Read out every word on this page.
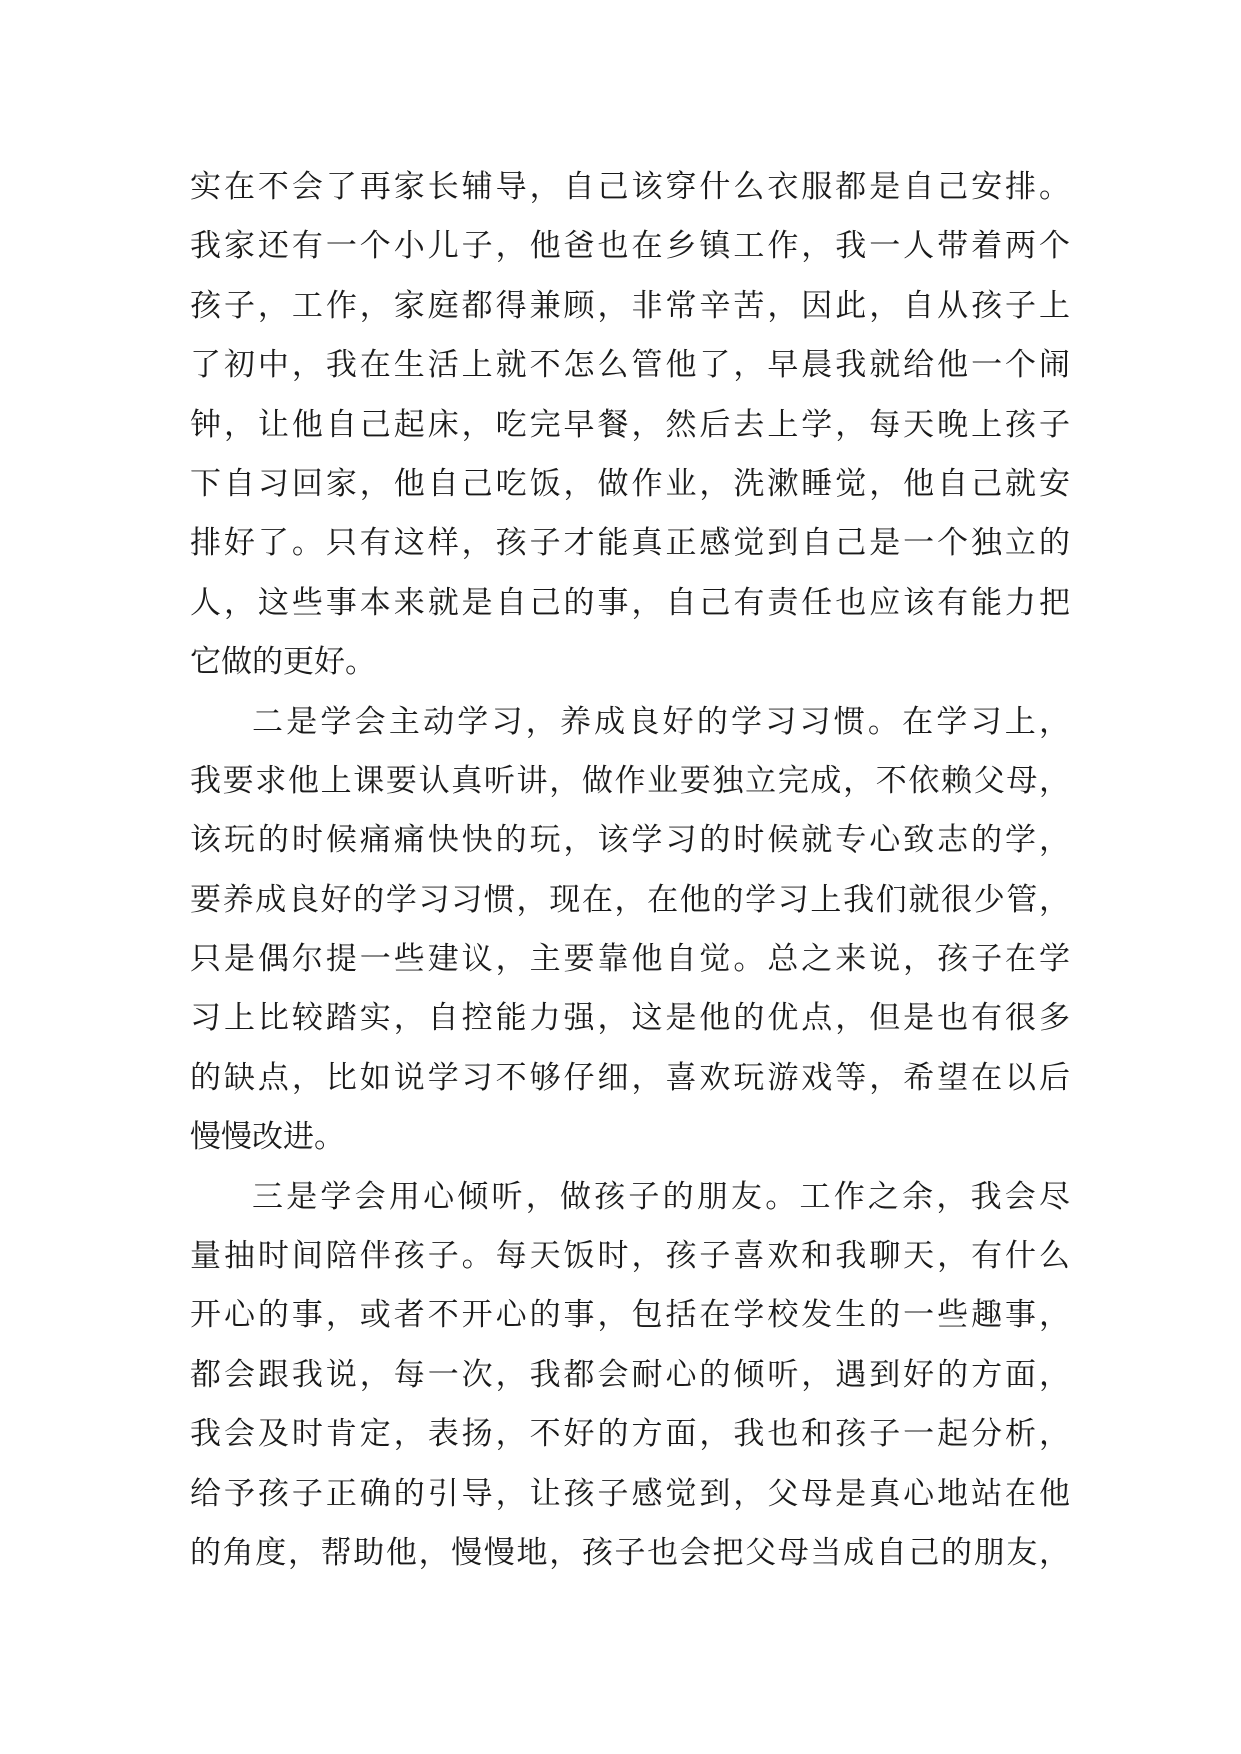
实在不会了再家长辅导，自己该穿什么衣服都是自己安排。
我家还有一个小儿子，他爸也在乡镇工作，我一人带着两个
孩子，工作，家庭都得兼顾，非常辛苦，因此，自从孩子上
了初中，我在生活上就不怎么管他了，早晨我就给他一个闹
钟，让他自己起床，吃完早餐，然后去上学，每天晚上孩子
下自习回家，他自己吃饭，做作业，洗漱睡觉，他自己就安
排好了。只有这样，孩子才能真正感觉到自己是一个独立的
人，这些事本来就是自己的事，自己有责任也应该有能力把
它做的更好。
二是学会主动学习，养成良好的学习习惯。在学习上，
我要求他上课要认真听讲，做作业要独立完成，不依赖父母，
该玩的时候痛痛快快的玩，该学习的时候就专心致志的学，
要养成良好的学习习惯，现在，在他的学习上我们就很少管，
只是偶尔提一些建议，主要靠他自觉。总之来说，孩子在学
习上比较踏实，自控能力强，这是他的优点，但是也有很多
的缺点，比如说学习不够仔细，喜欢玩游戏等，希望在以后
慢慢改进。
三是学会用心倾听，做孩子的朋友。工作之余，我会尽
量抽时间陪伴孩子。每天饭时，孩子喜欢和我聊天，有什么
开心的事，或者不开心的事，包括在学校发生的一些趣事，
都会跟我说，每一次，我都会耐心的倾听，遇到好的方面，
我会及时肯定，表扬，不好的方面，我也和孩子一起分析，
给予孩子正确的引导，让孩子感觉到，父母是真心地站在他
的角度，帮助他，慢慢地，孩子也会把父母当成自己的朋友，
